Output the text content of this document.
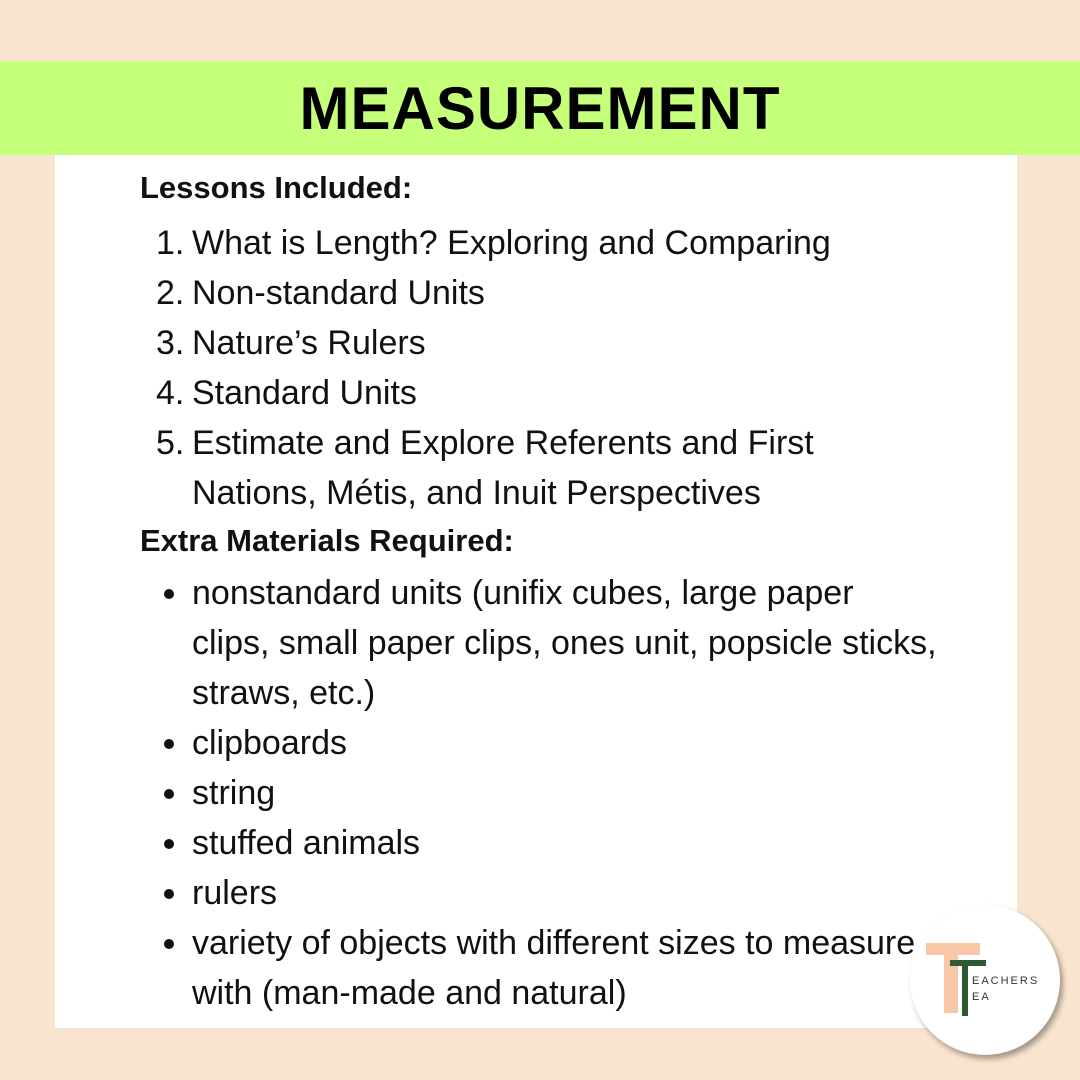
MEASUREMENT
Lessons Included:
1. What is Length? Exploring and Comparing
2. Non-standard Units
3. Nature’s Rulers
4. Standard Units
5. Estimate and Explore Referents and First Nations, Métis, and Inuit Perspectives
Extra Materials Required:
nonstandard units (unifix cubes, large paper clips, small paper clips, ones unit, popsicle sticks, straws, etc.)
clipboards
string
stuffed animals
rulers
variety of objects with different sizes to measure with (man-made and natural)	EACHERS
EA
